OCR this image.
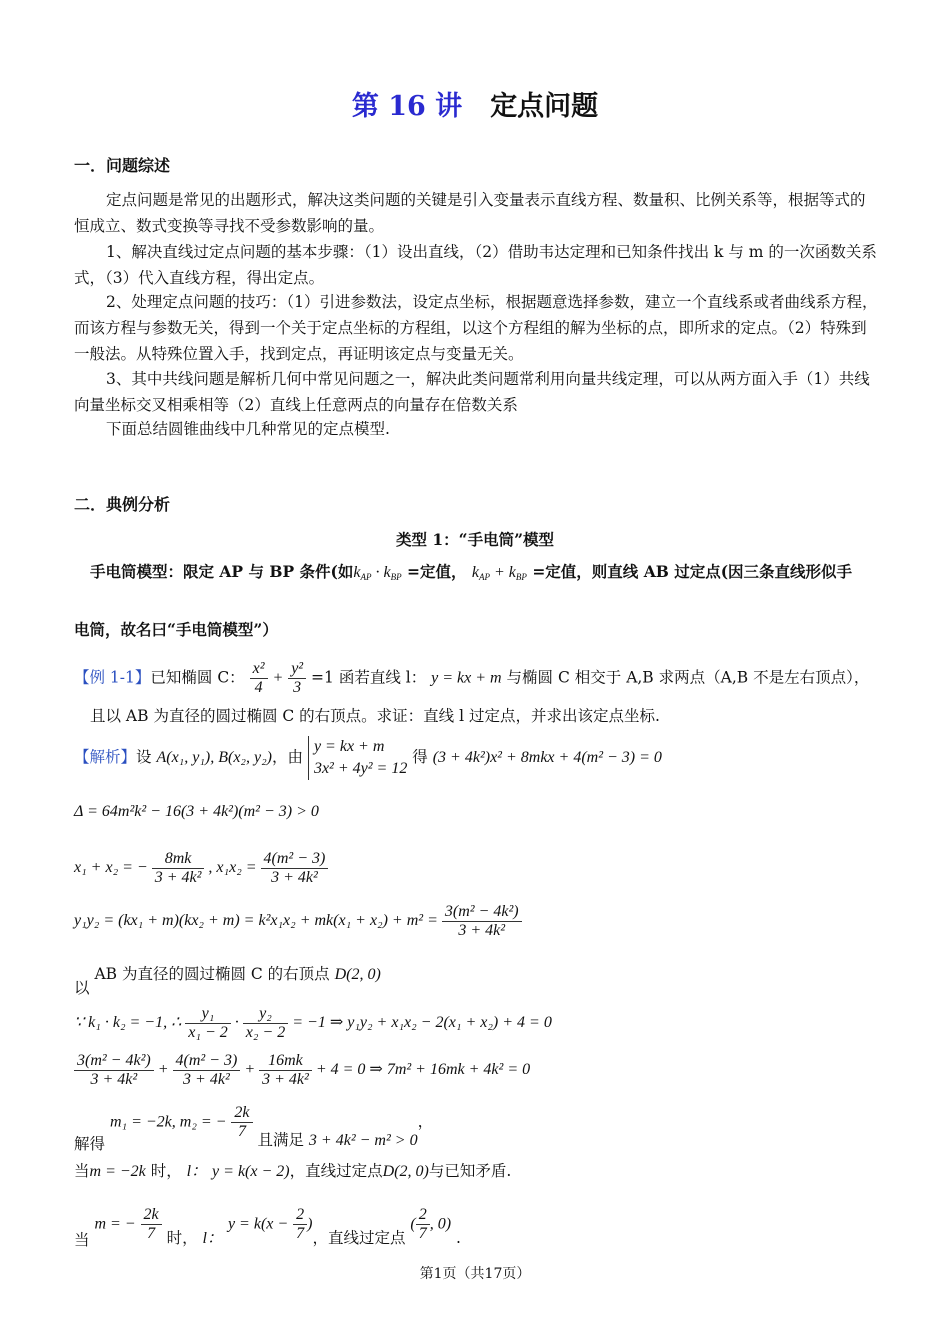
第 16 讲 定点问题
一．问题综述
定点问题是常见的出题形式，解决这类问题的关键是引入变量表示直线方程、数量积、比例关系等，根据等式的恒成立、数式变换等寻找不受参数影响的量。
1、解决直线过定点问题的基本步骤：（1）设出直线，（2）借助韦达定理和已知条件找出 k 与 m 的一次函数关系式，（3）代入直线方程，得出定点。
2、处理定点问题的技巧：（1）引进参数法，设定点坐标，根据题意选择参数，建立一个直线系或者曲线系方程，而该方程与参数无关，得到一个关于定点坐标的方程组，以这个方程组的解为坐标的点，即所求的定点。（2）特殊到一般法。从特殊位置入手，找到定点，再证明该定点与变量无关。
3、其中共线问题是解析几何中常见问题之一，解决此类问题常利用向量共线定理，可以从两方面入手（1）共线向量坐标交叉相乘相等（2）直线上任意两点的向量存在倍数关系
下面总结圆锥曲线中几种常见的定点模型.
二．典例分析
类型 1：“手电筒”模型
手电筒模型：限定 AP 与 BP 条件(如$k_{AP} \cdot k_{BP}$ =定值， $k_{AP} + k_{BP}$ =定值，则直线 AB 过定点(因三条直线形似手
电筒，故名曰“手电筒模型”）
【例 1-1】已知椭圆 C： $\frac{\text{x²}}{4} + \frac{\text{y²}}{3} =1$ 函若直线 l： y = kx + m 与椭圆 C 相交于 A,B 求两点（A,B 不是左右顶点），
且以 AB 为直径的圆过椭圆 C 的右顶点。求证：直线 l 过定点，并求出该定点坐标.
【解析】设 A(x₁, y₁), B(x₂, y₂)，由
y = kx + m
3x² + 4y² = 12
得 (3 + 4k²)x² + 8mkx + 4(m² − 3) = 0
Δ = 64m²k² − 16(3 + 4k²)(m² − 3) > 0
x₁ + x₂ = − $\frac{8mk}{\text{3 + 4k²}}$ , $x_1x_2 = \frac{\text{4(m² − 3)}}{\text{3 + 4k²}}$
$y_1y_2 = (kx_1 + m)(kx_2 + m) = k^2x_1x_2 + mk(x_1 + x_2) + m^2 = \frac{\text{3(m² − 4k²)}}{\text{3 + 4k²}}$
以 AB 为直径的圆过椭圆 C 的右顶点 D(2, 0)
∵ k₁ · k₂ = −1, ∴ $\frac{\text{y₁}}{\text{x₁ − 2}} \cdot \frac{\text{y₂}}{\text{x₂ − 2}} = -1$ ⇒ y₁y₂ + x₁x₂ − 2(x₁ + x₂) + 4 = 0
$\frac{\text{3(m² − 4k²)}}{\text{3 + 4k²}} + \frac{\text{4(m² − 3)}}{\text{3 + 4k²}} + \frac{16mk}{\text{3 + 4k²}} + 4 = 0$ ⇒ 7m² + 16mk + 4k² = 0
解得 m₁ = −2k, m₂ = − $\frac{2k}{7}$ 且满足 3 + 4k² − m² > 0，
当m = −2k 时， l： y = k(x − 2)，直线过定点D(2, 0)与已知矛盾.
当 m = − $\frac{2k}{7}$ 时， l： $y = k(x - \frac{2}{7}$ )，直线过定点 ( $\frac{2}{7}$ , 0) .
第1页（共17页）
